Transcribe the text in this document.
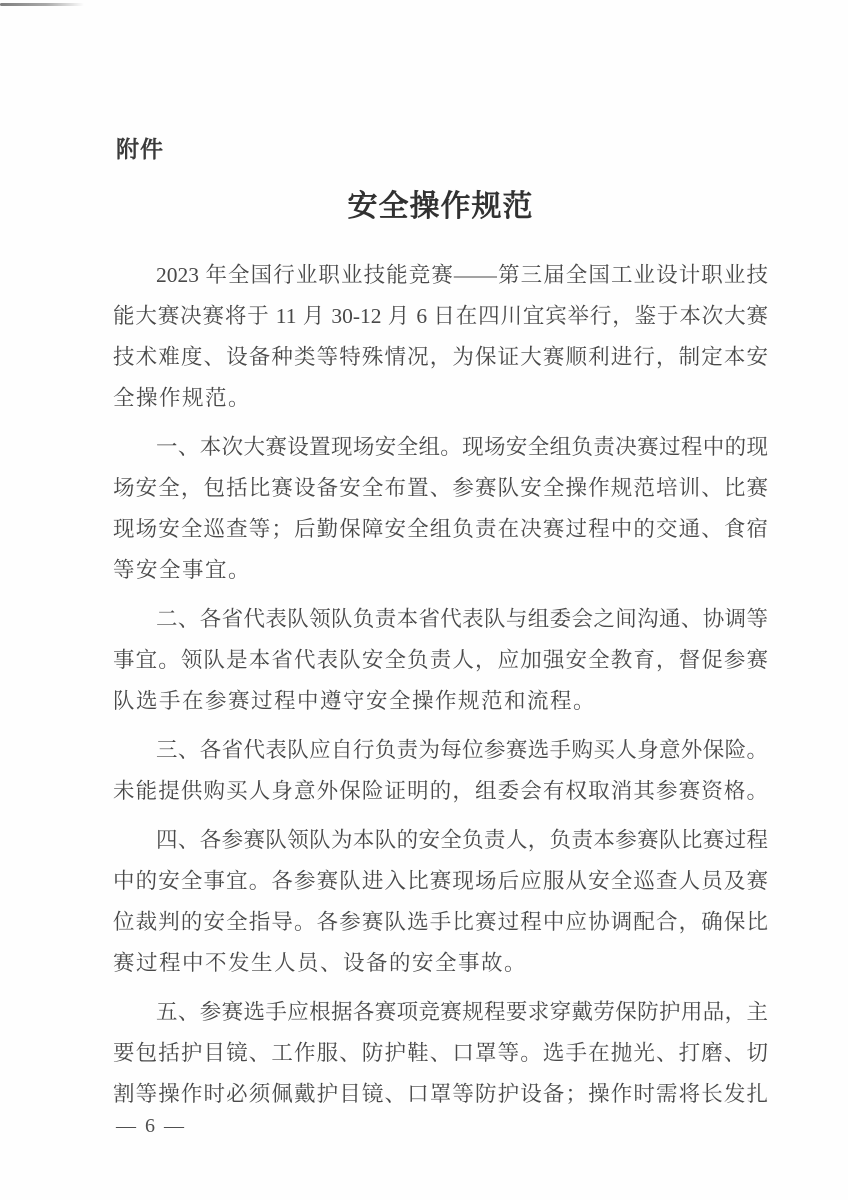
附件
安全操作规范
2023 年全国行业职业技能竞赛——第三届全国工业设计职业技
能大赛决赛将于 11 月 30-12 月 6 日在四川宜宾举行，鉴于本次大赛
技术难度、设备种类等特殊情况，为保证大赛顺利进行，制定本安
全操作规范。
一、本次大赛设置现场安全组。现场安全组负责决赛过程中的现
场安全，包括比赛设备安全布置、参赛队安全操作规范培训、比赛
现场安全巡查等；后勤保障安全组负责在决赛过程中的交通、食宿
等安全事宜。
二、各省代表队领队负责本省代表队与组委会之间沟通、协调等
事宜。领队是本省代表队安全负责人，应加强安全教育，督促参赛
队选手在参赛过程中遵守安全操作规范和流程。
三、各省代表队应自行负责为每位参赛选手购买人身意外保险。
未能提供购买人身意外保险证明的，组委会有权取消其参赛资格。
四、各参赛队领队为本队的安全负责人，负责本参赛队比赛过程
中的安全事宜。各参赛队进入比赛现场后应服从安全巡查人员及赛
位裁判的安全指导。各参赛队选手比赛过程中应协调配合，确保比
赛过程中不发生人员、设备的安全事故。
五、参赛选手应根据各赛项竞赛规程要求穿戴劳保防护用品，主
要包括护目镜、工作服、防护鞋、口罩等。选手在抛光、打磨、切
割等操作时必须佩戴护目镜、口罩等防护设备；操作时需将长发扎
— 6 —
